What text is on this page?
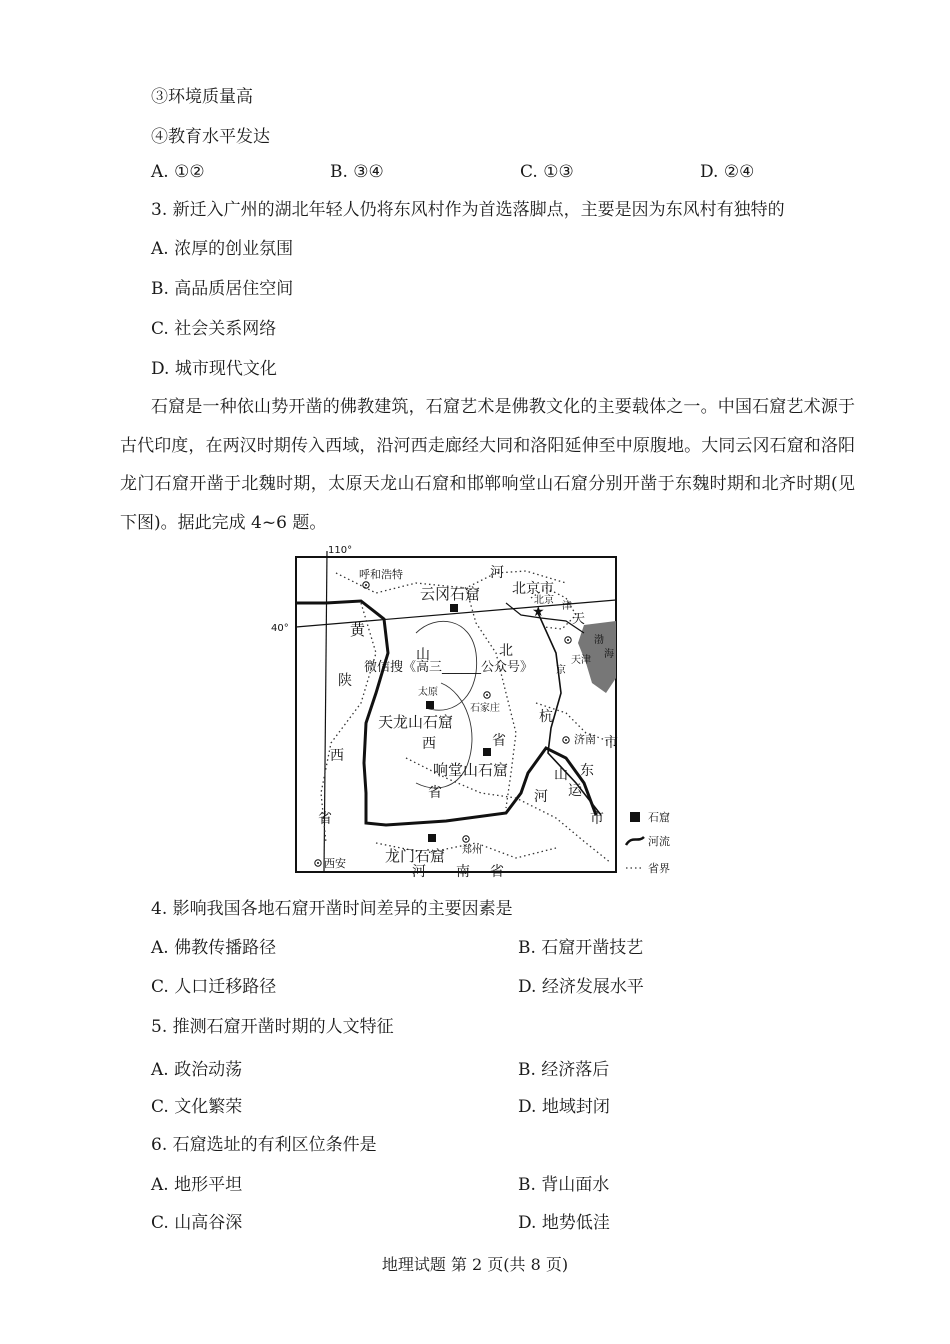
③环境质量高
④教育水平发达
A. ①②	B. ③④	C. ①③	D. ②④
3. 新迁入广州的湖北年轻人仍将东风村作为首选落脚点，主要是因为东风村有独特的
A. 浓厚的创业氛围
B. 高品质居住空间
C. 社会关系网络
D. 城市现代文化
石窟是一种依山势开凿的佛教建筑，石窟艺术是佛教文化的主要载体之一。中国石窟艺术源于古代印度，在两汉时期传入西域，沿河西走廊经大同和洛阳延伸至中原腹地。大同云冈石窟和洛阳龙门石窟开凿于北魏时期，太原天龙山石窟和邯郸响堂山石窟分别开凿于东魏时期和北齐时期(见下图)。据此完成 4~6 题。
110°
40°
呼和浩特
★
北京
天津
太原
石家庄
济南
郑州
西安
云冈石窟
天龙山石窟
响堂山石窟
龙门石窟
河
北
北京市
天
黄
山
西
省
陕
西
省
省
东
市
山
河 南 省
杭
运
河
市
渤
海
津
京
微信搜《高三______公众号》
石窟
河流
省界
4. 影响我国各地石窟开凿时间差异的主要因素是
A. 佛教传播路径	B. 石窟开凿技艺
C. 人口迁移路径	D. 经济发展水平
5. 推测石窟开凿时期的人文特征
A. 政治动荡	B. 经济落后
C. 文化繁荣	D. 地域封闭
6. 石窟选址的有利区位条件是
A. 地形平坦	B. 背山面水
C. 山高谷深	D. 地势低洼
地理试题 第 2 页(共 8 页)
